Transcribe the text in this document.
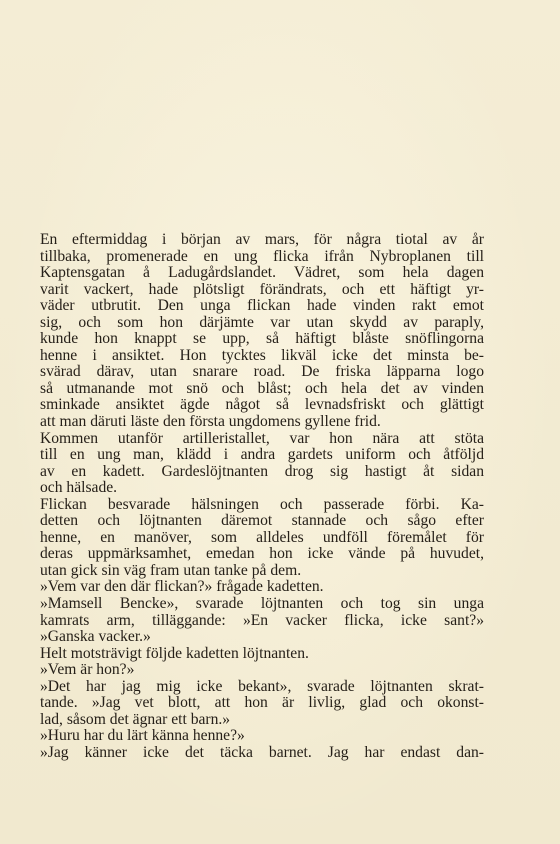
En eftermiddag i början av mars, för några tiotal av år
tillbaka, promenerade en ung flicka ifrån Nybroplanen till
Kaptensgatan å Ladugårdslandet. Vädret, som hela dagen
varit vackert, hade plötsligt förändrats, och ett häftigt yr-
väder utbrutit. Den unga flickan hade vinden rakt emot
sig, och som hon därjämte var utan skydd av paraply,
kunde hon knappt se upp, så häftigt blåste snöflingorna
henne i ansiktet. Hon tycktes likväl icke det minsta be-
svärad därav, utan snarare road. De friska läpparna logo
så utmanande mot snö och blåst; och hela det av vinden
sminkade ansiktet ägde något så levnadsfriskt och glättigt
att man däruti läste den första ungdomens gyllene frid.
Kommen utanför artilleristallet, var hon nära att stöta
till en ung man, klädd i andra gardets uniform och åtföljd
av en kadett. Gardeslöjtnanten drog sig hastigt åt sidan
och hälsade.
Flickan besvarade hälsningen och passerade förbi. Ka-
detten och löjtnanten däremot stannade och sågo efter
henne, en manöver, som alldeles undföll föremålet för
deras uppmärksamhet, emedan hon icke vände på huvudet,
utan gick sin väg fram utan tanke på dem.
»Vem var den där flickan?» frågade kadetten.
»Mamsell Bencke», svarade löjtnanten och tog sin unga
kamrats arm, tilläggande: »En vacker flicka, icke sant?»
»Ganska vacker.»
Helt motsträvigt följde kadetten löjtnanten.
»Vem är hon?»
»Det har jag mig icke bekant», svarade löjtnanten skrat-
tande. »Jag vet blott, att hon är livlig, glad och okonst-
lad, såsom det ägnar ett barn.»
»Huru har du lärt känna henne?»
»Jag känner icke det täcka barnet. Jag har endast dan-
